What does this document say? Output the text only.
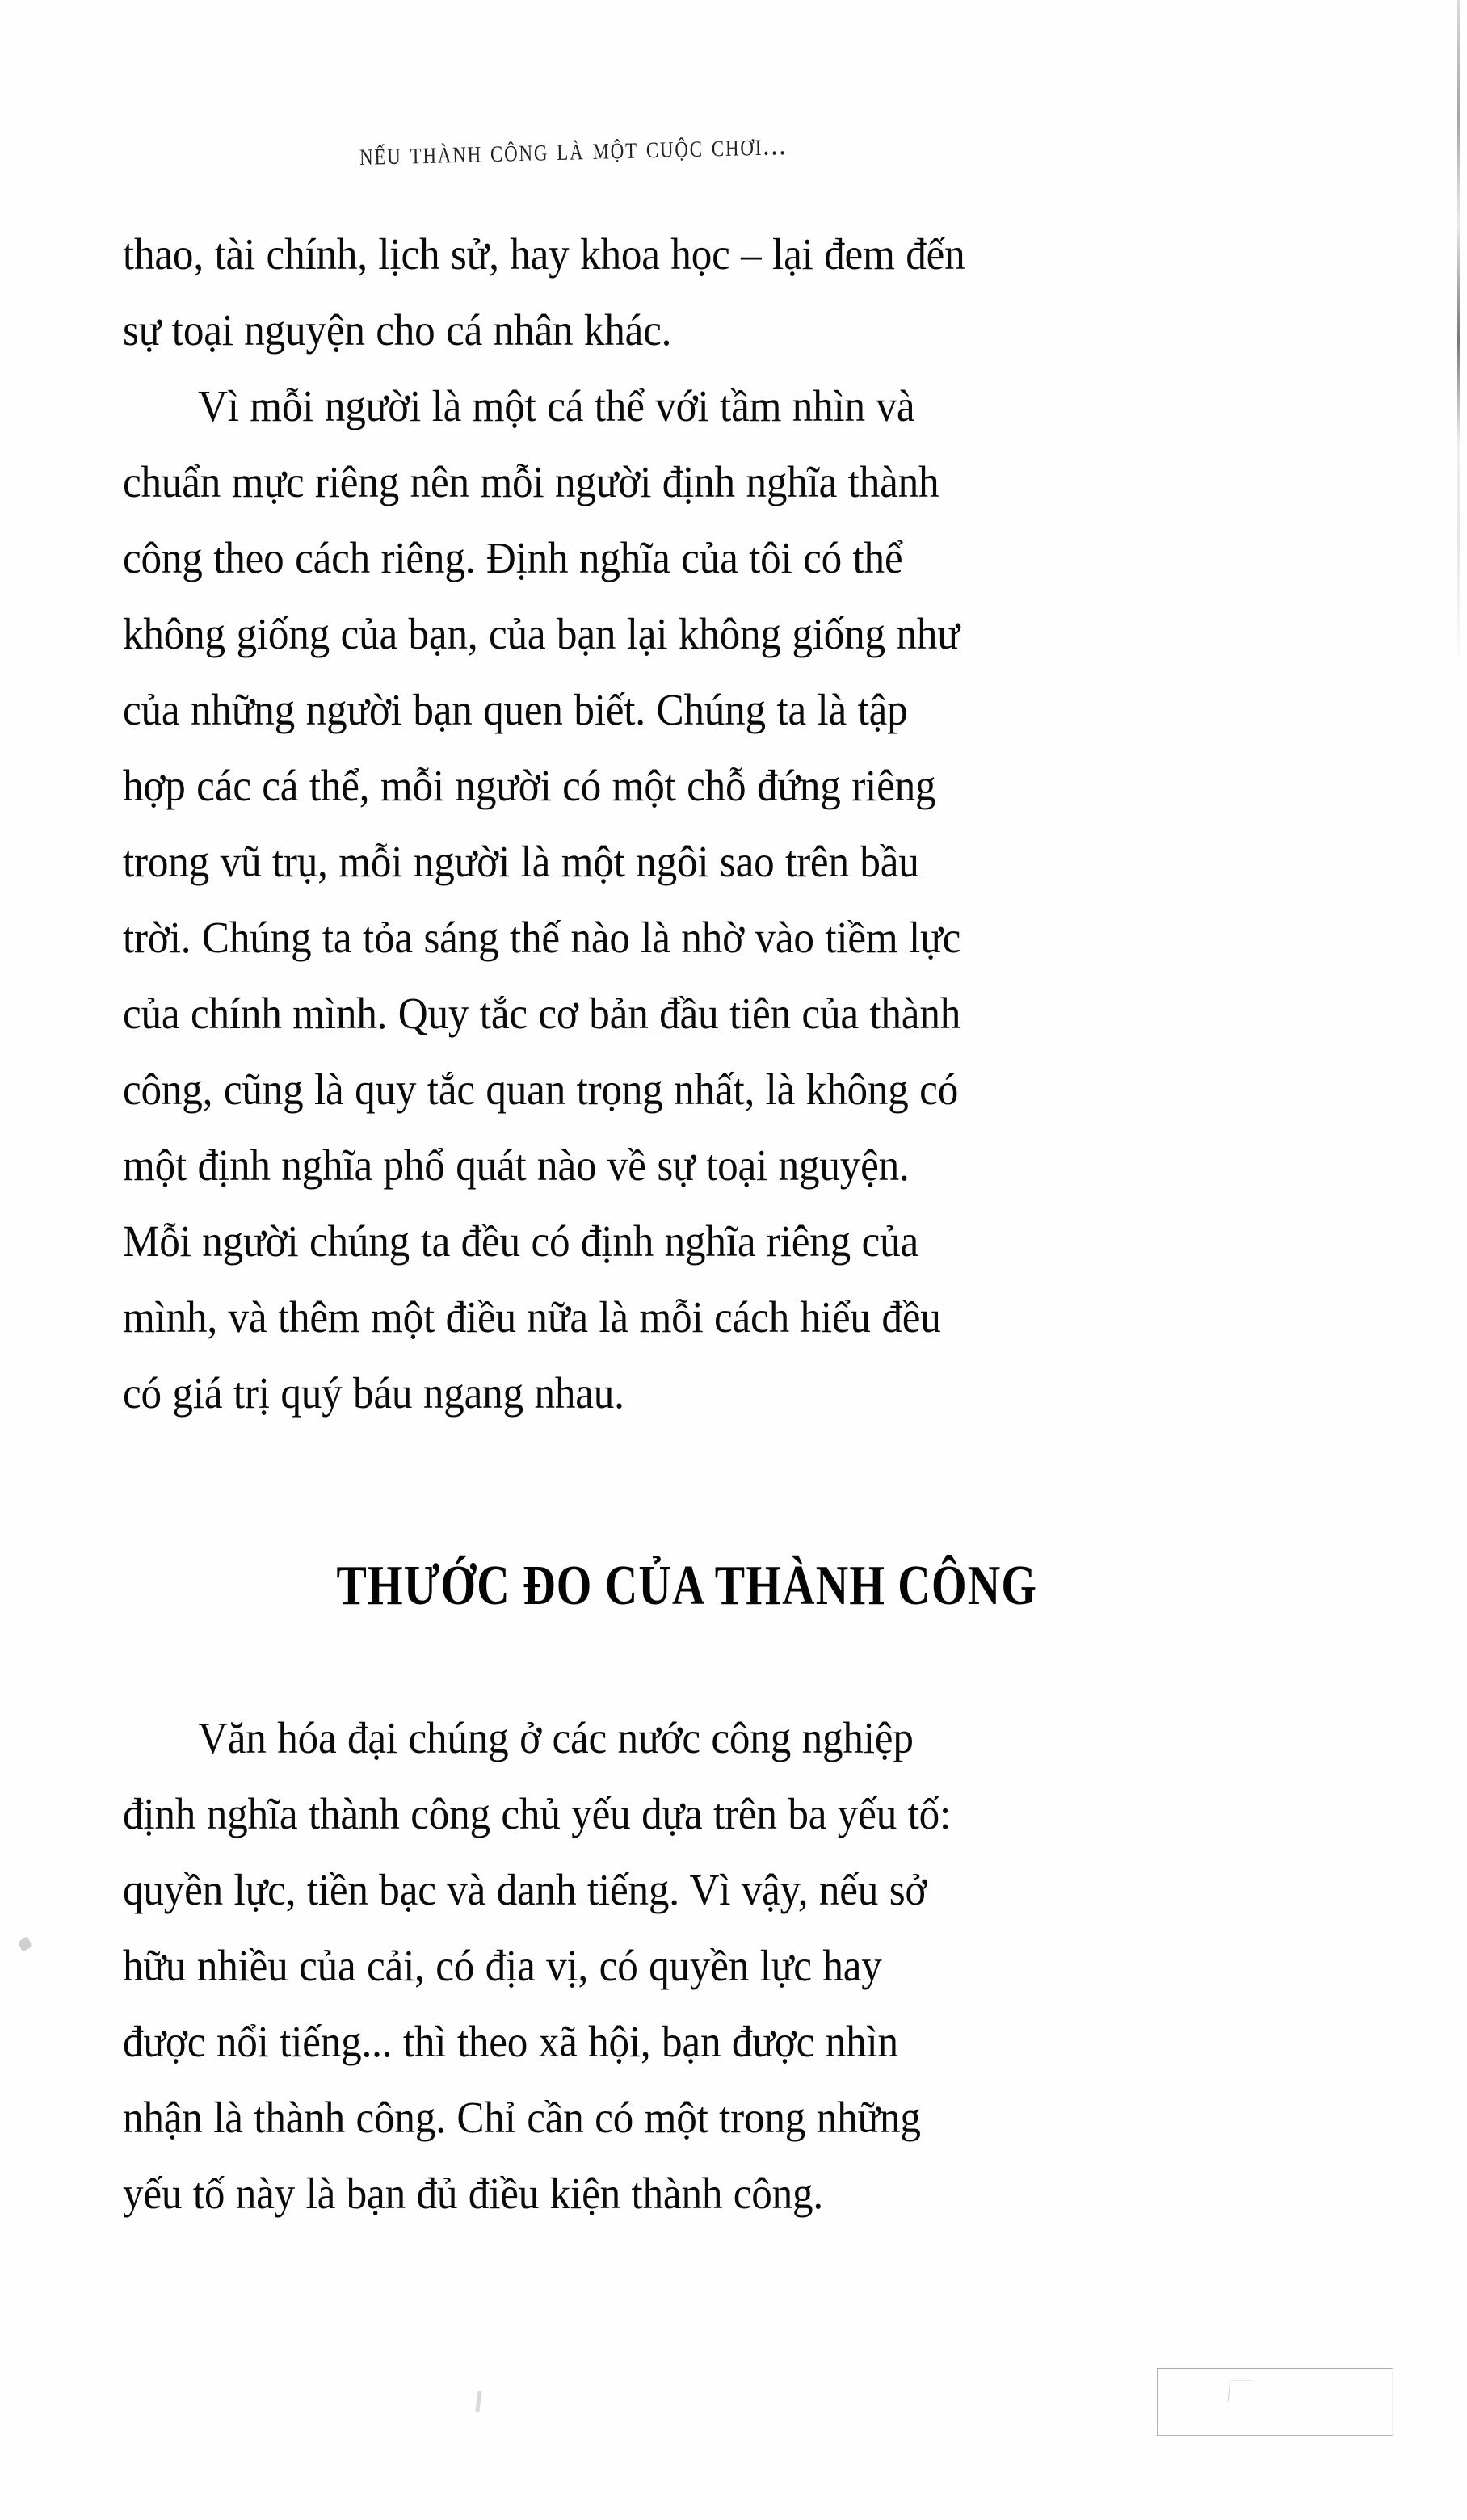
nếu thành công là một cuộc chơi...

thao, tài chính, lịch sử, hay khoa học – lại đem đến
sự toại nguyện cho cá nhân khác.

Vì mỗi người là một cá thể với tầm nhìn và
chuẩn mực riêng nên mỗi người định nghĩa thành
công theo cách riêng. Định nghĩa của tôi có thể
không giống của bạn, của bạn lại không giống như
của những người bạn quen biết. Chúng ta là tập
hợp các cá thể, mỗi người có một chỗ đứng riêng
trong vũ trụ, mỗi người là một ngôi sao trên bầu
trời. Chúng ta tỏa sáng thế nào là nhờ vào tiềm lực
của chính mình. Quy tắc cơ bản đầu tiên của thành
công, cũng là quy tắc quan trọng nhất, là không có
một định nghĩa phổ quát nào về sự toại nguyện.
Mỗi người chúng ta đều có định nghĩa riêng của
mình, và thêm một điều nữa là mỗi cách hiểu đều
có giá trị quý báu ngang nhau.

THƯỚC ĐO CỦA THÀNH CÔNG

Văn hóa đại chúng ở các nước công nghiệp
định nghĩa thành công chủ yếu dựa trên ba yếu tố:
quyền lực, tiền bạc và danh tiếng. Vì vậy, nếu sở
hữu nhiều của cải, có địa vị, có quyền lực hay
được nổi tiếng... thì theo xã hội, bạn được nhìn
nhận là thành công. Chỉ cần có một trong những
yếu tố này là bạn đủ điều kiện thành công.
